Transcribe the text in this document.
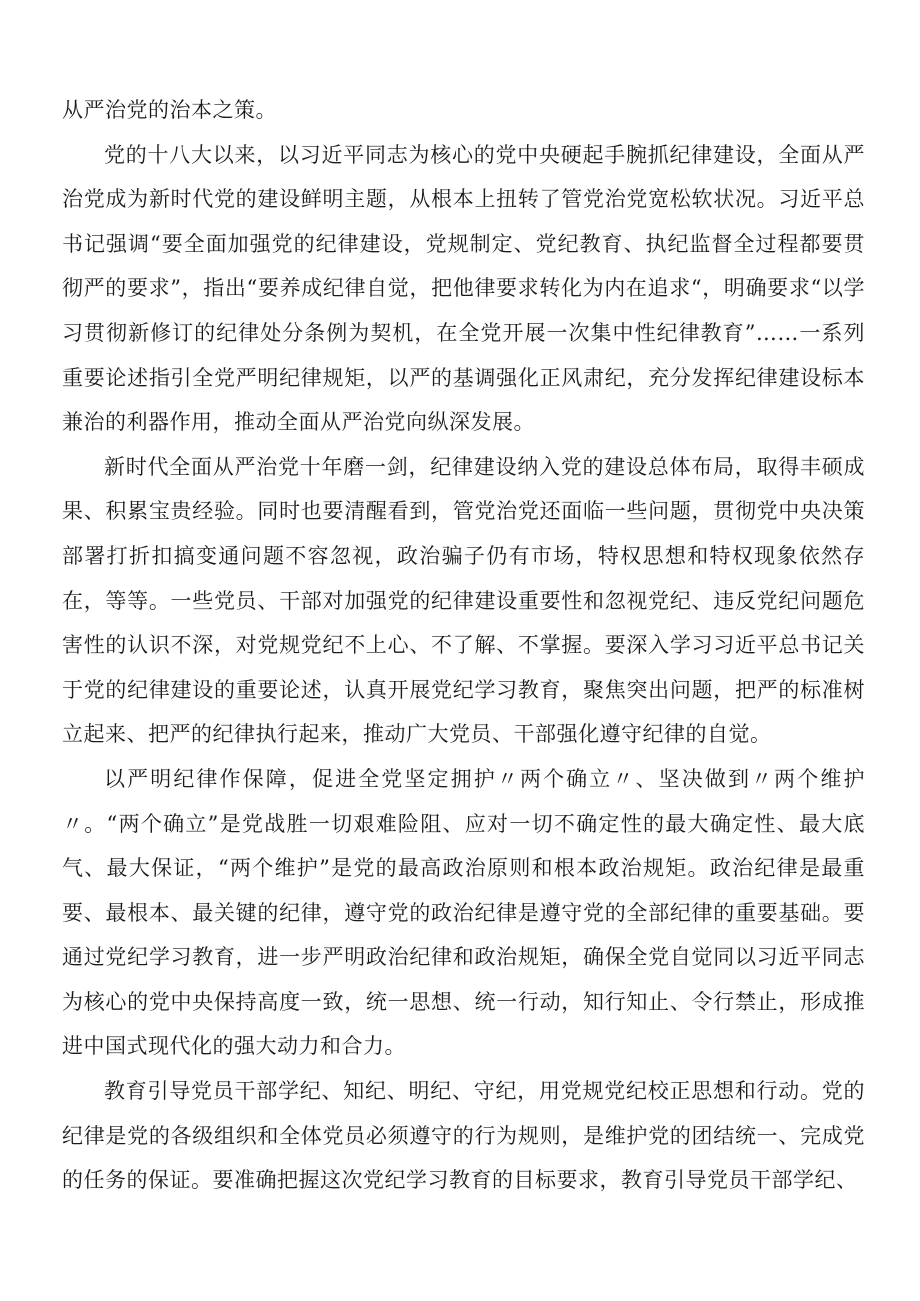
从严治党的治本之策。

党的十八大以来，以习近平同志为核心的党中央硬起手腕抓纪律建设，全面从严治党成为新时代党的建设鲜明主题，从根本上扭转了管党治党宽松软状况。习近平总书记强调“要全面加强党的纪律建设，党规制定、党纪教育、执纪监督全过程都要贯彻严的要求”，指出“要养成纪律自觉，把他律要求转化为内在追求“，明确要求“以学习贯彻新修订的纪律处分条例为契机，在全党开展一次集中性纪律教育”……一系列重要论述指引全党严明纪律规矩，以严的基调强化正风肃纪，充分发挥纪律建设标本兼治的利器作用，推动全面从严治党向纵深发展。

新时代全面从严治党十年磨一剑，纪律建设纳入党的建设总体布局，取得丰硕成果、积累宝贵经验。同时也要清醒看到，管党治党还面临一些问题，贯彻党中央决策部署打折扣搞变通问题不容忽视，政治骗子仍有市场，特权思想和特权现象依然存在，等等。一些党员、干部对加强党的纪律建设重要性和忽视党纪、违反党纪问题危害性的认识不深，对党规党纪不上心、不了解、不掌握。要深入学习习近平总书记关于党的纪律建设的重要论述，认真开展党纪学习教育，聚焦突出问题，把严的标准树立起来、把严的纪律执行起来，推动广大党员、干部强化遵守纪律的自觉。

以严明纪律作保障，促进全党坚定拥护〃两个确立〃、坚决做到〃两个维护〃。“两个确立”是党战胜一切艰难险阻、应对一切不确定性的最大确定性、最大底气、最大保证，“两个维护”是党的最高政治原则和根本政治规矩。政治纪律是最重要、最根本、最关键的纪律，遵守党的政治纪律是遵守党的全部纪律的重要基础。要通过党纪学习教育，进一步严明政治纪律和政治规矩，确保全党自觉同以习近平同志为核心的党中央保持高度一致，统一思想、统一行动，知行知止、令行禁止，形成推进中国式现代化的强大动力和合力。

教育引导党员干部学纪、知纪、明纪、守纪，用党规党纪校正思想和行动。党的纪律是党的各级组织和全体党员必须遵守的行为规则，是维护党的团结统一、完成党的任务的保证。要准确把握这次党纪学习教育的目标要求，教育引导党员干部学纪、
